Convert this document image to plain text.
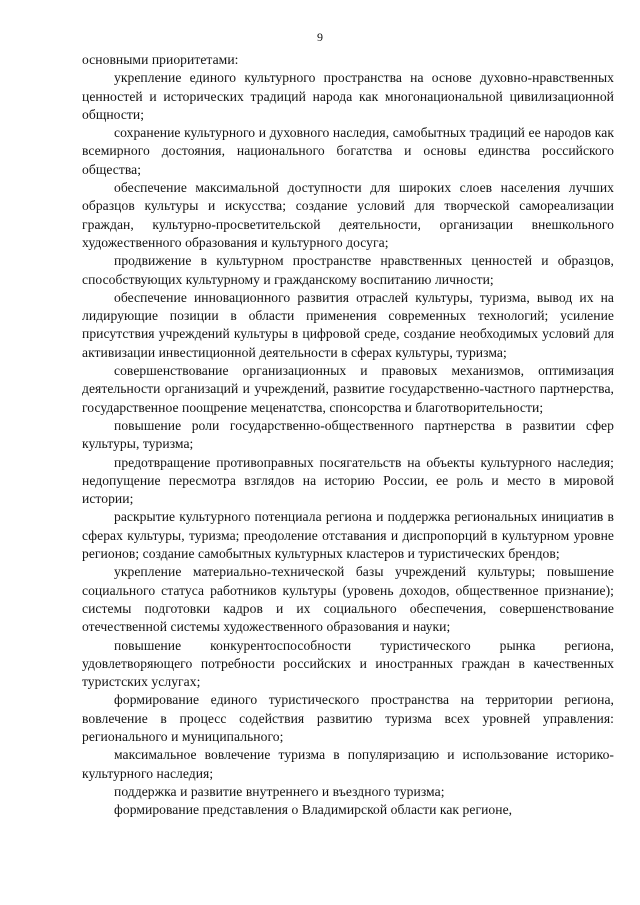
9

основными приоритетами:

укрепление единого культурного пространства на основе духовно-нравственных ценностей и исторических традиций народа как многонациональной цивилизационной общности;

сохранение культурного и духовного наследия, самобытных традиций ее народов как всемирного достояния, национального богатства и основы единства российского общества;

обеспечение максимальной доступности для широких слоев населения лучших образцов культуры и искусства; создание условий для творческой самореализации граждан, культурно-просветительской деятельности, организации внешкольного художественного образования и культурного досуга;

продвижение в культурном пространстве нравственных ценностей и образцов, способствующих культурному и гражданскому воспитанию личности;

обеспечение инновационного развития отраслей культуры, туризма, вывод их на лидирующие позиции в области применения современных технологий; усиление присутствия учреждений культуры в цифровой среде, создание необходимых условий для активизации инвестиционной деятельности в сферах культуры, туризма;

совершенствование организационных и правовых механизмов, оптимизация деятельности организаций и учреждений, развитие государственно-частного партнерства, государственное поощрение меценатства, спонсорства и благотворительности;

повышение роли государственно-общественного партнерства в развитии сфер культуры, туризма;

предотвращение противоправных посягательств на объекты культурного наследия; недопущение пересмотра взглядов на историю России, ее роль и место в мировой истории;

раскрытие культурного потенциала региона и поддержка региональных инициатив в сферах культуры, туризма; преодоление отставания и диспропорций в культурном уровне регионов; создание самобытных культурных кластеров и туристических брендов;

укрепление материально-технической базы учреждений культуры; повышение социального статуса работников культуры (уровень доходов, общественное признание); системы подготовки кадров и их социального обеспечения, совершенствование отечественной системы художественного образования и науки;

повышение конкурентоспособности туристического рынка региона, удовлетворяющего потребности российских и иностранных граждан в качественных туристских услугах;

формирование единого туристического пространства на территории региона, вовлечение в процесс содействия развитию туризма всех уровней управления: регионального и муниципального;

максимальное вовлечение туризма в популяризацию и использование историко-культурного наследия;

поддержка и развитие внутреннего и въездного туризма;

формирование представления о Владимирской области как регионе,
